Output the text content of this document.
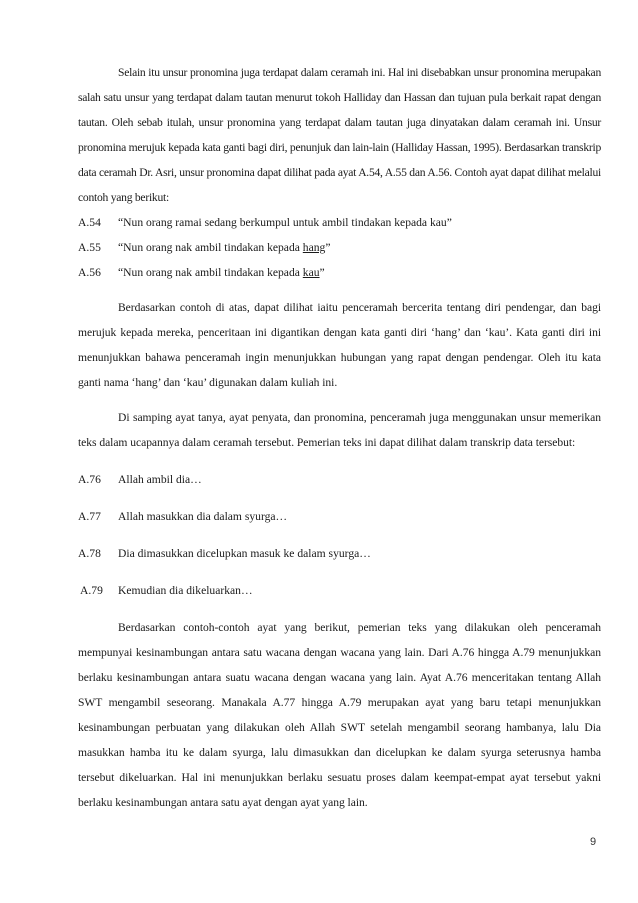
Selain itu unsur pronomina juga terdapat dalam ceramah ini. Hal ini disebabkan unsur pronomina merupakan salah satu unsur yang terdapat dalam tautan menurut tokoh Halliday dan Hassan dan tujuan pula berkait rapat dengan tautan. Oleh sebab itulah, unsur pronomina yang terdapat dalam tautan juga dinyatakan dalam ceramah ini. Unsur pronomina merujuk kepada kata ganti bagi diri, penunjuk dan lain-lain (Halliday Hassan, 1995). Berdasarkan transkrip data ceramah Dr. Asri, unsur pronomina dapat dilihat pada ayat A.54, A.55 dan A.56. Contoh ayat dapat dilihat melalui contoh yang berikut:

A.54	“Nun orang ramai sedang berkumpul untuk ambil tindakan kepada kau”
A.55	“Nun orang nak ambil tindakan kepada hang”
A.56	“Nun orang nak ambil tindakan kepada kau”

Berdasarkan contoh di atas, dapat dilihat iaitu penceramah bercerita tentang diri pendengar, dan bagi merujuk kepada mereka, penceritaan ini digantikan dengan kata ganti diri ‘hang’ dan ‘kau’. Kata ganti diri ini menunjukkan bahawa penceramah ingin menunjukkan hubungan yang rapat dengan pendengar. Oleh itu kata ganti nama ‘hang’ dan ‘kau’ digunakan dalam kuliah ini.

Di samping ayat tanya, ayat penyata, dan pronomina, penceramah juga menggunakan unsur memerikan teks dalam ucapannya dalam ceramah tersebut. Pemerian teks ini dapat dilihat dalam transkrip data tersebut:

A.76	Allah ambil dia…
A.77	Allah masukkan dia dalam syurga…
A.78	Dia dimasukkan dicelupkan masuk ke dalam syurga…
A.79	Kemudian dia dikeluarkan…

Berdasarkan contoh-contoh ayat yang berikut, pemerian teks yang dilakukan oleh penceramah mempunyai kesinambungan antara satu wacana dengan wacana yang lain. Dari A.76 hingga A.79 menunjukkan berlaku kesinambungan antara suatu wacana dengan wacana yang lain. Ayat A.76 menceritakan tentang Allah SWT mengambil seseorang. Manakala A.77 hingga A.79 merupakan ayat yang baru tetapi menunjukkan kesinambungan perbuatan yang dilakukan oleh Allah SWT setelah mengambil seorang hambanya, lalu Dia masukkan hamba itu ke dalam syurga, lalu dimasukkan dan dicelupkan ke dalam syurga seterusnya hamba tersebut dikeluarkan. Hal ini menunjukkan berlaku sesuatu proses dalam keempat-empat ayat tersebut yakni berlaku kesinambungan antara satu ayat dengan ayat yang lain.

9
